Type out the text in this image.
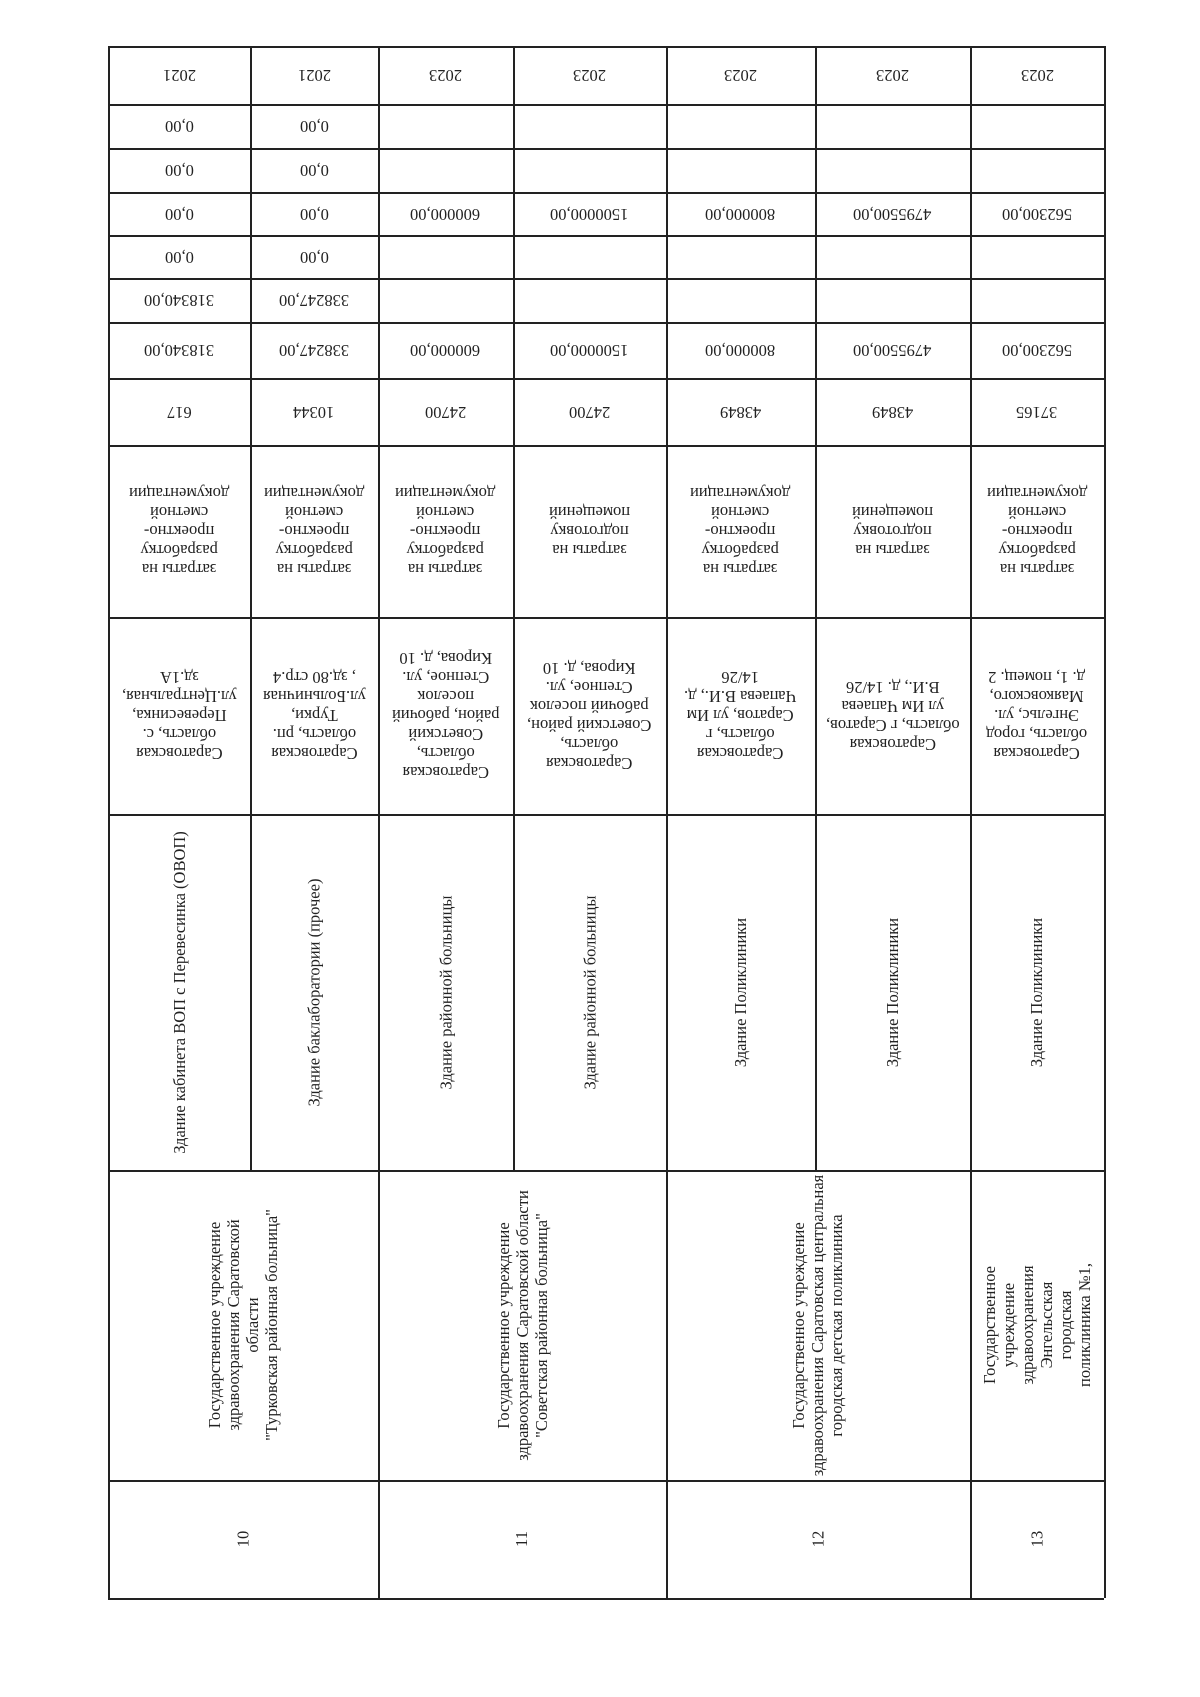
2021
0,00
0,00
0,00
0,00
318340,00
318340,00
617
затраты на
разработку
проектно-
сметной
документации
Саратовская
область, с.
Перевесинка,
ул.Центральная,
зд.1А
Здание кабинета ВОП с Перевесинка (ОВОП)
2021
0,00
0,00
0,00
0,00
338247,00
338247,00
10344
затраты на
разработку
проектно-
сметной
документации
Саратовская
область, рп.
Турки,
ул.Больничная
, зд.80 стр.4
Здание баклаборатории (прочее)
2023
600000,00
600000,00
24700
затраты на
разработку
проектно-
сметной
документации
Саратовская
область,
Советский
район, рабочий
поселок
Степное, ул.
Кирова, д. 10
Здание районной больницы
2023
1500000,00
1500000,00
24700
затраты на
подготовку
помещений
Саратовская
область,
Советский район,
рабочий поселок
Степное, ул.
Кирова, д. 10
Здание районной больницы
2023
800000,00
800000,00
43849
затраты на
разработку
проектно-
сметной
документации
Саратовская
область, г
Саратов, ул Им
Чапаева В.И., д.
14/26
Здание Поликлиники
2023
4795500,00
4795500,00
43849
затраты на
подготовку
помещений
Саратовская
область, г Саратов,
ул Им Чапаева
В.И., д. 14/26
Здание Поликлиники
2023
562300,00
562300,00
37165
затраты на
разработку
проектно-
сметной
документации
Саратовская
область, город
Энгельс, ул.
Маяковского,
д. 1, помещ. 2
Здание Поликлиники
Государственное учреждение
здравоохранения Саратовской области
"Турковская районная больница"
10
Государственное учреждение
здравоохранения Саратовской области
"Советская районная больница"
11
Государственное учреждение
здравоохранения Саратовская центральная
городская детская поликлиника
12
Государственное учреждение
здравоохранения Энгельсская городская
поликлиника №1,
13
